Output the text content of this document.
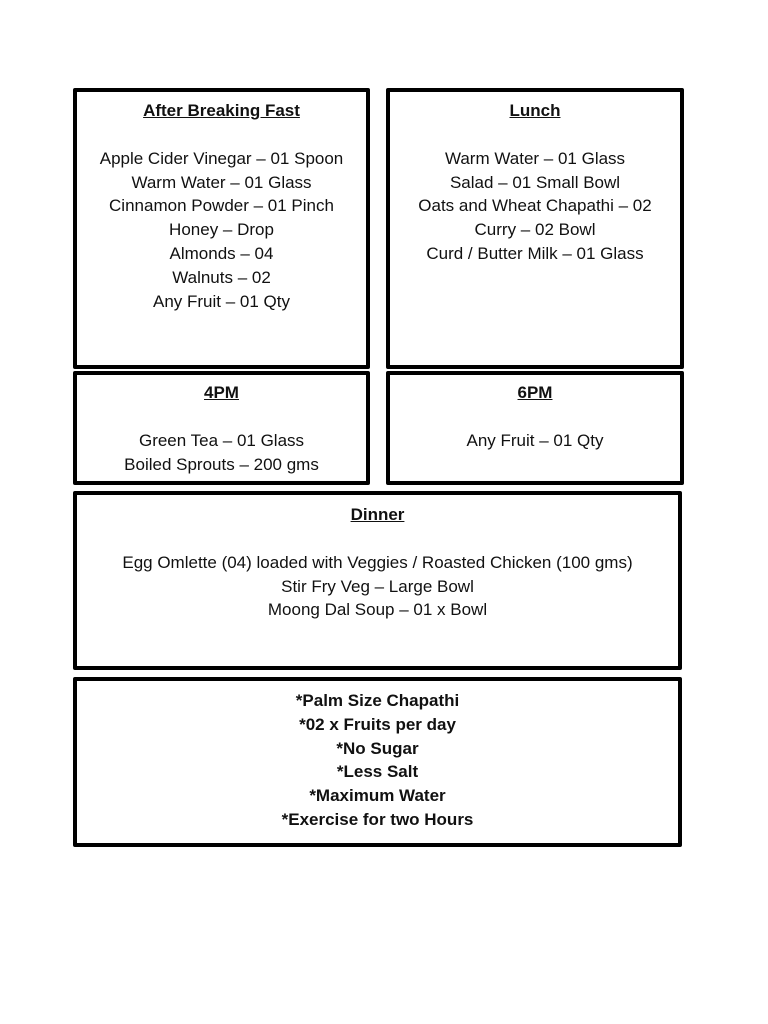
After Breaking Fast
Apple Cider Vinegar – 01 Spoon
Warm Water – 01 Glass
Cinnamon Powder – 01 Pinch
Honey – Drop
Almonds – 04
Walnuts – 02
Any Fruit – 01 Qty
Lunch
Warm Water – 01 Glass
Salad – 01 Small Bowl
Oats and Wheat Chapathi – 02
Curry – 02 Bowl
Curd / Butter Milk – 01 Glass
4PM
Green Tea – 01 Glass
Boiled Sprouts – 200 gms
6PM
Any Fruit – 01 Qty
Dinner
Egg Omlette (04) loaded with Veggies / Roasted Chicken (100 gms)
Stir Fry Veg – Large Bowl
Moong Dal Soup – 01 x Bowl
*Palm Size Chapathi
*02 x Fruits per day
*No Sugar
*Less Salt
*Maximum Water
*Exercise for two Hours
